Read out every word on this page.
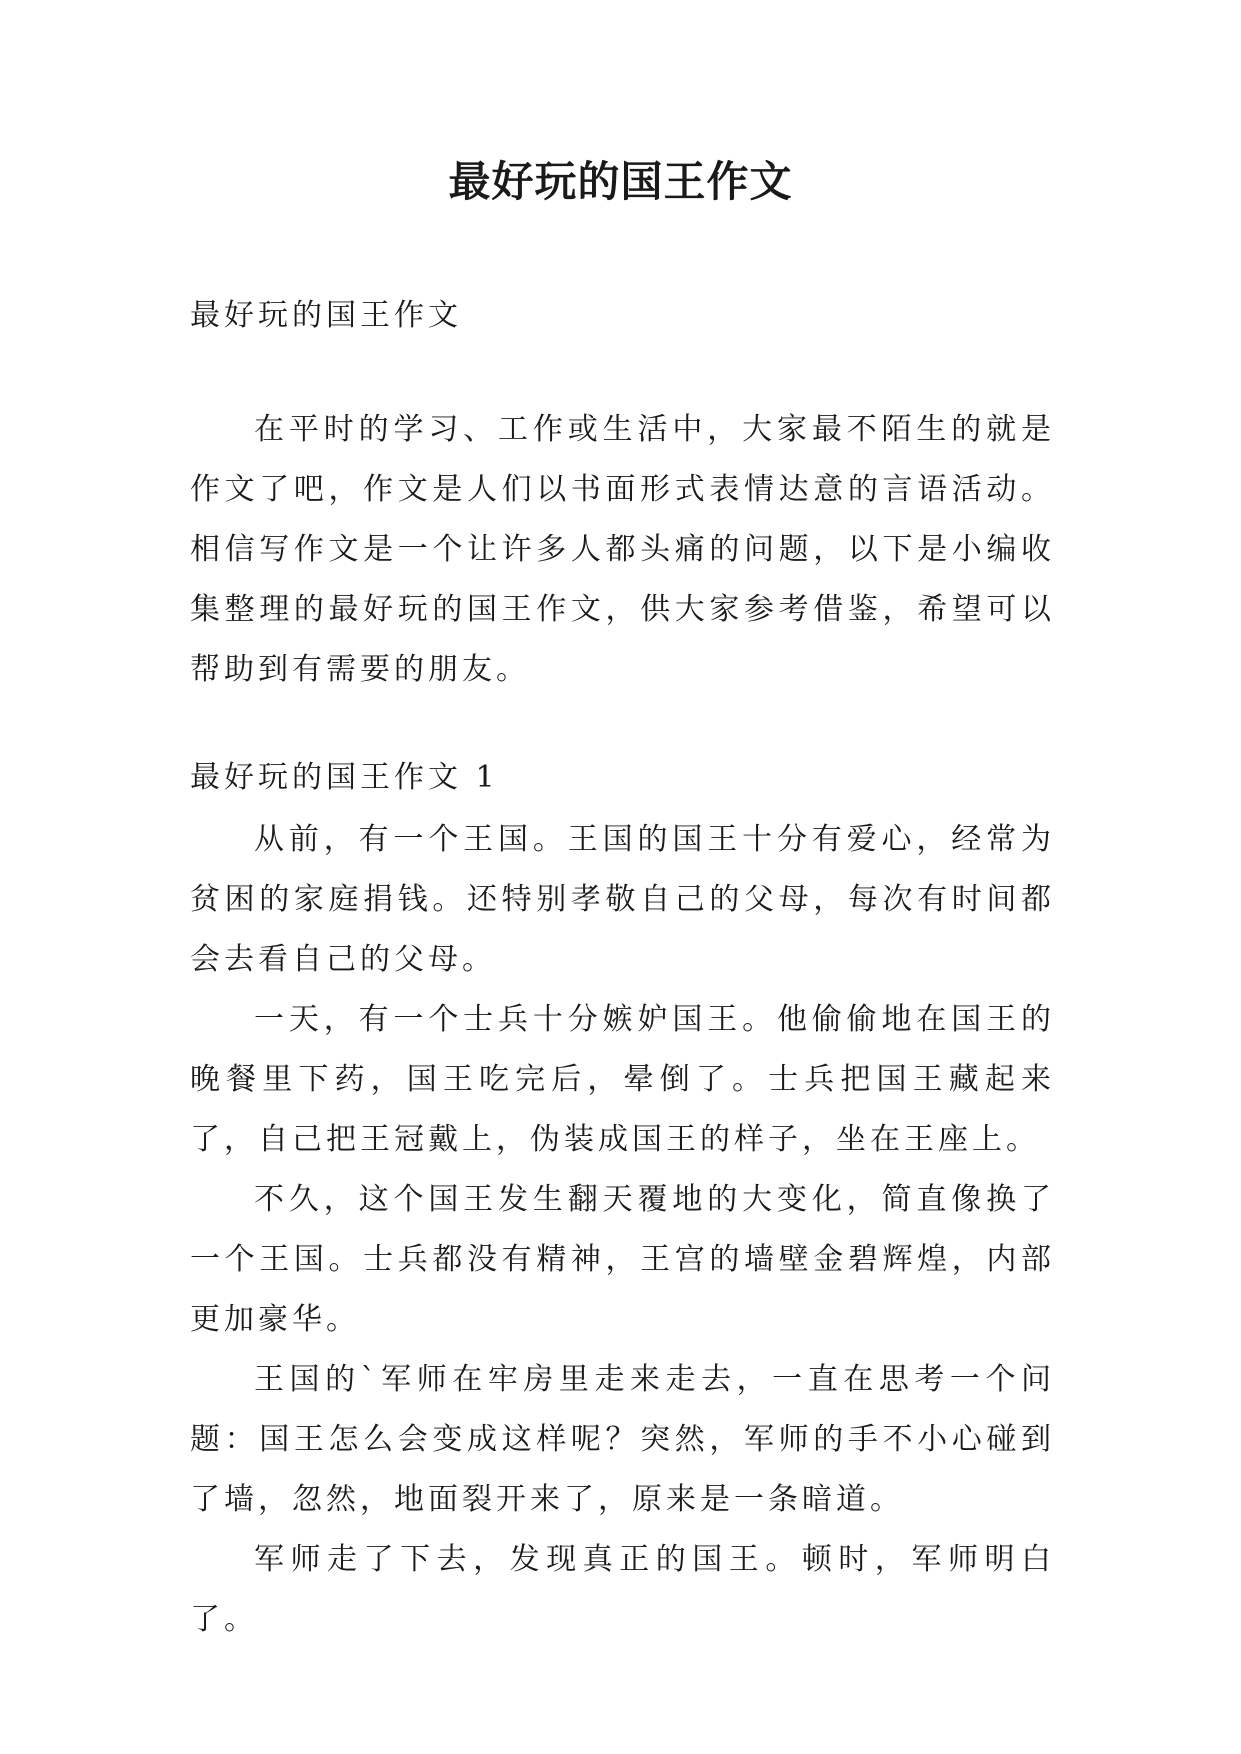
最好玩的国王作文

最好玩的国王作文

在平时的学习、工作或生活中，大家最不陌生的就是作文了吧，作文是人们以书面形式表情达意的言语活动。相信写作文是一个让许多人都头痛的问题，以下是小编收集整理的最好玩的国王作文，供大家参考借鉴，希望可以帮助到有需要的朋友。

最好玩的国王作文 1

从前，有一个王国。王国的国王十分有爱心，经常为贫困的家庭捐钱。还特别孝敬自己的父母，每次有时间都会去看自己的父母。

一天，有一个士兵十分嫉妒国王。他偷偷地在国王的晚餐里下药，国王吃完后，晕倒了。士兵把国王藏起来了，自己把王冠戴上，伪装成国王的样子，坐在王座上。

不久，这个国王发生翻天覆地的大变化，简直像换了一个王国。士兵都没有精神，王宫的墙壁金碧辉煌，内部更加豪华。

王国的`军师在牢房里走来走去，一直在思考一个问题：国王怎么会变成这样呢？突然，军师的手不小心碰到了墙，忽然，地面裂开来了，原来是一条暗道。

军师走了下去，发现真正的国王。顿时，军师明白了。
